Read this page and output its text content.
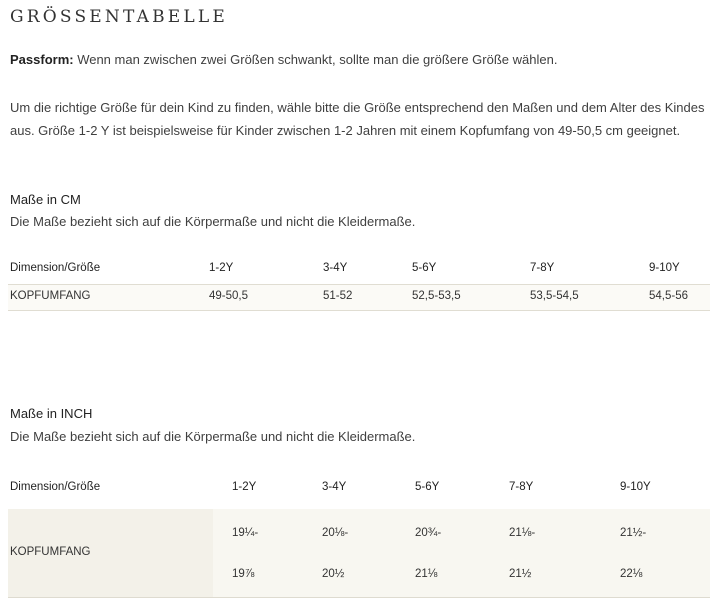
GRÖSSENTABELLE
Passform: Wenn man zwischen zwei Größen schwankt, sollte man die größere Größe wählen.
Um die richtige Größe für dein Kind zu finden, wähle bitte die Größe entsprechend den Maßen und dem Alter des Kindes aus. Größe 1-2 Y ist beispielsweise für Kinder zwischen 1-2 Jahren mit einem Kopfumfang von 49-50,5 cm geeignet.
Maße in CM
Die Maße bezieht sich auf die Körpermaße und nicht die Kleidermaße.
Dimension/Größe	1-2Y	3-4Y	5-6Y	7-8Y	9-10Y
KOPFUMFANG	49-50,5	51-52	52,5-53,5	53,5-54,5	54,5-56
Maße in INCH
Die Maße bezieht sich auf die Körpermaße und nicht die Kleidermaße.
Dimension/Größe	1-2Y	3-4Y	5-6Y	7-8Y	9-10Y
KOPFUMFANG
19¼-	20⅛-	20¾-	21⅛-	21½-
19⅞	20½	21⅛	21½	22⅛
